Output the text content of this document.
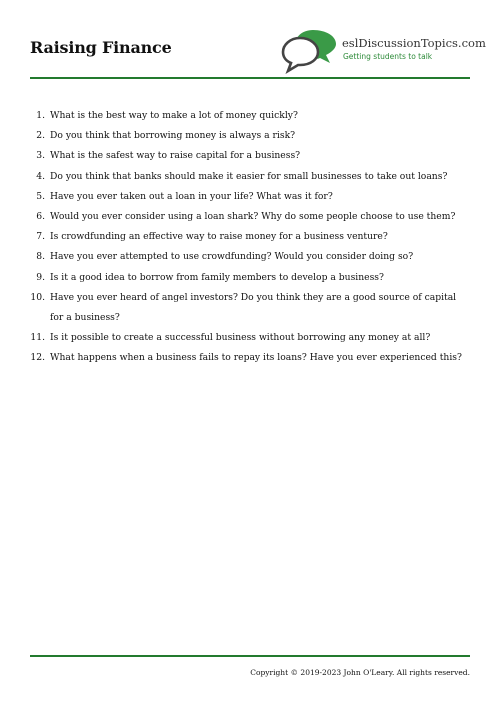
Raising Finance	eslDiscussionTopics.com
Getting students to talk
1. What is the best way to make a lot of money quickly?
2. Do you think that borrowing money is always a risk?
3. What is the safest way to raise capital for a business?
4. Do you think that banks should make it easier for small businesses to take out loans?
5. Have you ever taken out a loan in your life? What was it for?
6. Would you ever consider using a loan shark? Why do some people choose to use them?
7. Is crowdfunding an effective way to raise money for a business venture?
8. Have you ever attempted to use crowdfunding? Would you consider doing so?
9. Is it a good idea to borrow from family members to develop a business?
10. Have you ever heard of angel investors? Do you think they are a good source of capital for a business?
11. Is it possible to create a successful business without borrowing any money at all?
12. What happens when a business fails to repay its loans? Have you ever experienced this?
Copyright © 2019-2023 John O'Leary. All rights reserved.
